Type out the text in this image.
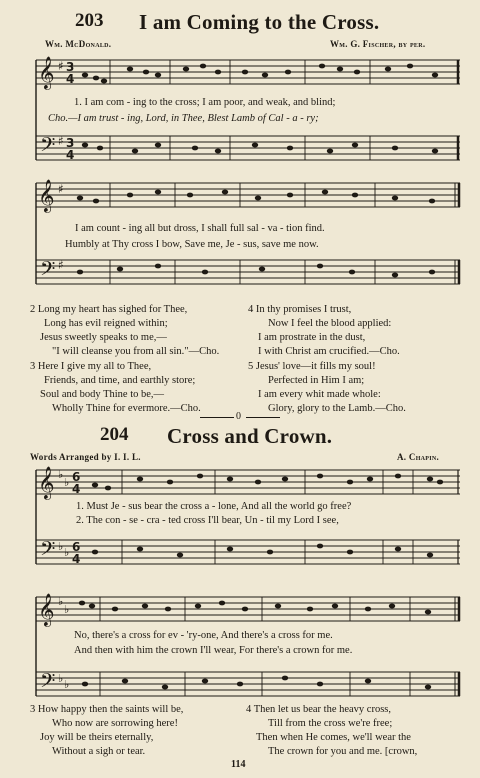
203 I am Coming to the Cross.
Wm. McDonald.	Wm. G. Fischer, by per.
𝄞 ♯ 3
4
𝄢 ♯ 3
4
𝄞 ♯
𝄢 ♯
1. I am com - ing to the cross; I am poor, and weak, and blind;
Cho.—I am trust - ing, Lord, in Thee, Blest Lamb of Cal - a - ry;
I am count - ing all but dross, I shall full sal - va - tion find.
Humbly at Thy cross I bow, Save me, Je - sus, save me now.
2 Long my heart has sighed for Thee,
Long has evil reigned within;
Jesus sweetly speaks to me,—
"I will cleanse you from all sin."—Cho.
3 Here I give my all to Thee,
Friends, and time, and earthly store;
Soul and body Thine to be,—
Wholly Thine for evermore.—Cho.
4 In thy promises I trust,
Now I feel the blood applied:
I am prostrate in the dust,
I with Christ am crucified.—Cho.
5 Jesus' love—it fills my soul!
Perfected in Him I am;
I am every whit made whole:
Glory, glory to the Lamb.—Cho.
0
204 Cross and Crown.
Words Arranged by I. I. L.	A. Chapin.
𝄞 ♭
♭ 6
4
𝄢 ♭ ♭ 6
4
𝄞 ♭
♭
𝄢 ♭ ♭
1. Must Je - sus bear the cross a - lone, And all the world go free?
2. The con - se - cra - ted cross I'll bear, Un - til my Lord I see,
No, there's a cross for ev - 'ry-one, And there's a cross for me.
And then with him the crown I'll wear, For there's a crown for me.
3 How happy then the saints will be,
Who now are sorrowing here!
Joy will be theirs eternally,
Without a sigh or tear.
4 Then let us bear the heavy cross,
Till from the cross we're free;
Then when He comes, we'll wear the
The crown for you and me. [crown,
114
